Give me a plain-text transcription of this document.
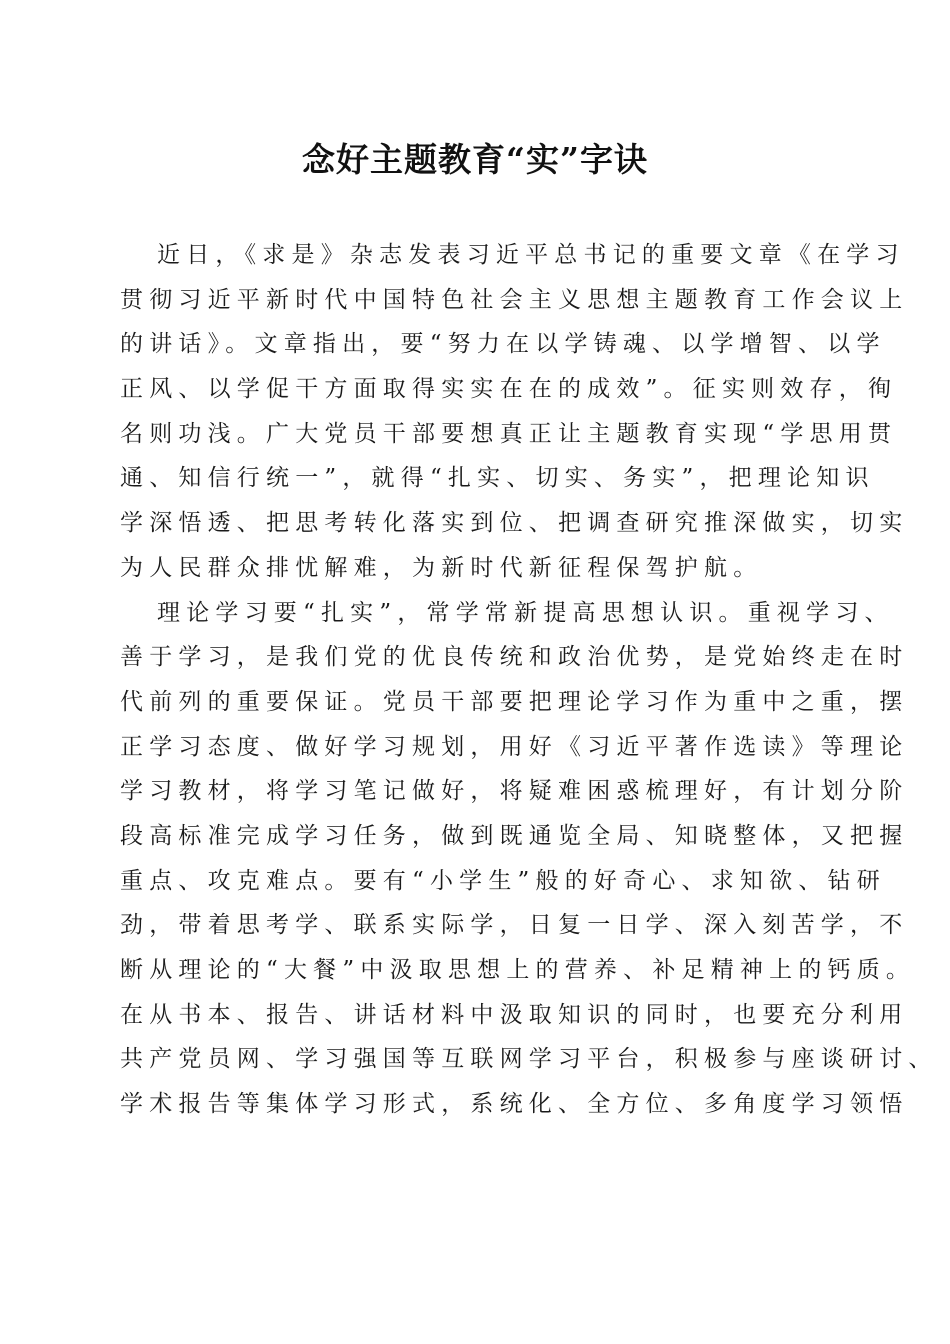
念好主题教育“实”字诀
近日，《求是》杂志发表习近平总书记的重要文章《在学习
贯彻习近平新时代中国特色社会主义思想主题教育工作会议上
的讲话》。文章指出，要“努力在以学铸魂、以学增智、以学
正风、以学促干方面取得实实在在的成效”。征实则效存，徇
名则功浅。广大党员干部要想真正让主题教育实现“学思用贯
通、知信行统一”，就得“扎实、切实、务实”，把理论知识
学深悟透、把思考转化落实到位、把调查研究推深做实，切实
为人民群众排忧解难，为新时代新征程保驾护航。
理论学习要“扎实”，常学常新提高思想认识。重视学习、
善于学习，是我们党的优良传统和政治优势，是党始终走在时
代前列的重要保证。党员干部要把理论学习作为重中之重，摆
正学习态度、做好学习规划，用好《习近平著作选读》等理论
学习教材，将学习笔记做好，将疑难困惑梳理好，有计划分阶
段高标准完成学习任务，做到既通览全局、知晓整体，又把握
重点、攻克难点。要有“小学生”般的好奇心、求知欲、钻研
劲，带着思考学、联系实际学，日复一日学、深入刻苦学，不
断从理论的“大餐”中汲取思想上的营养、补足精神上的钙质。
在从书本、报告、讲话材料中汲取知识的同时，也要充分利用
共产党员网、学习强国等互联网学习平台，积极参与座谈研讨、
学术报告等集体学习形式，系统化、全方位、多角度学习领悟
